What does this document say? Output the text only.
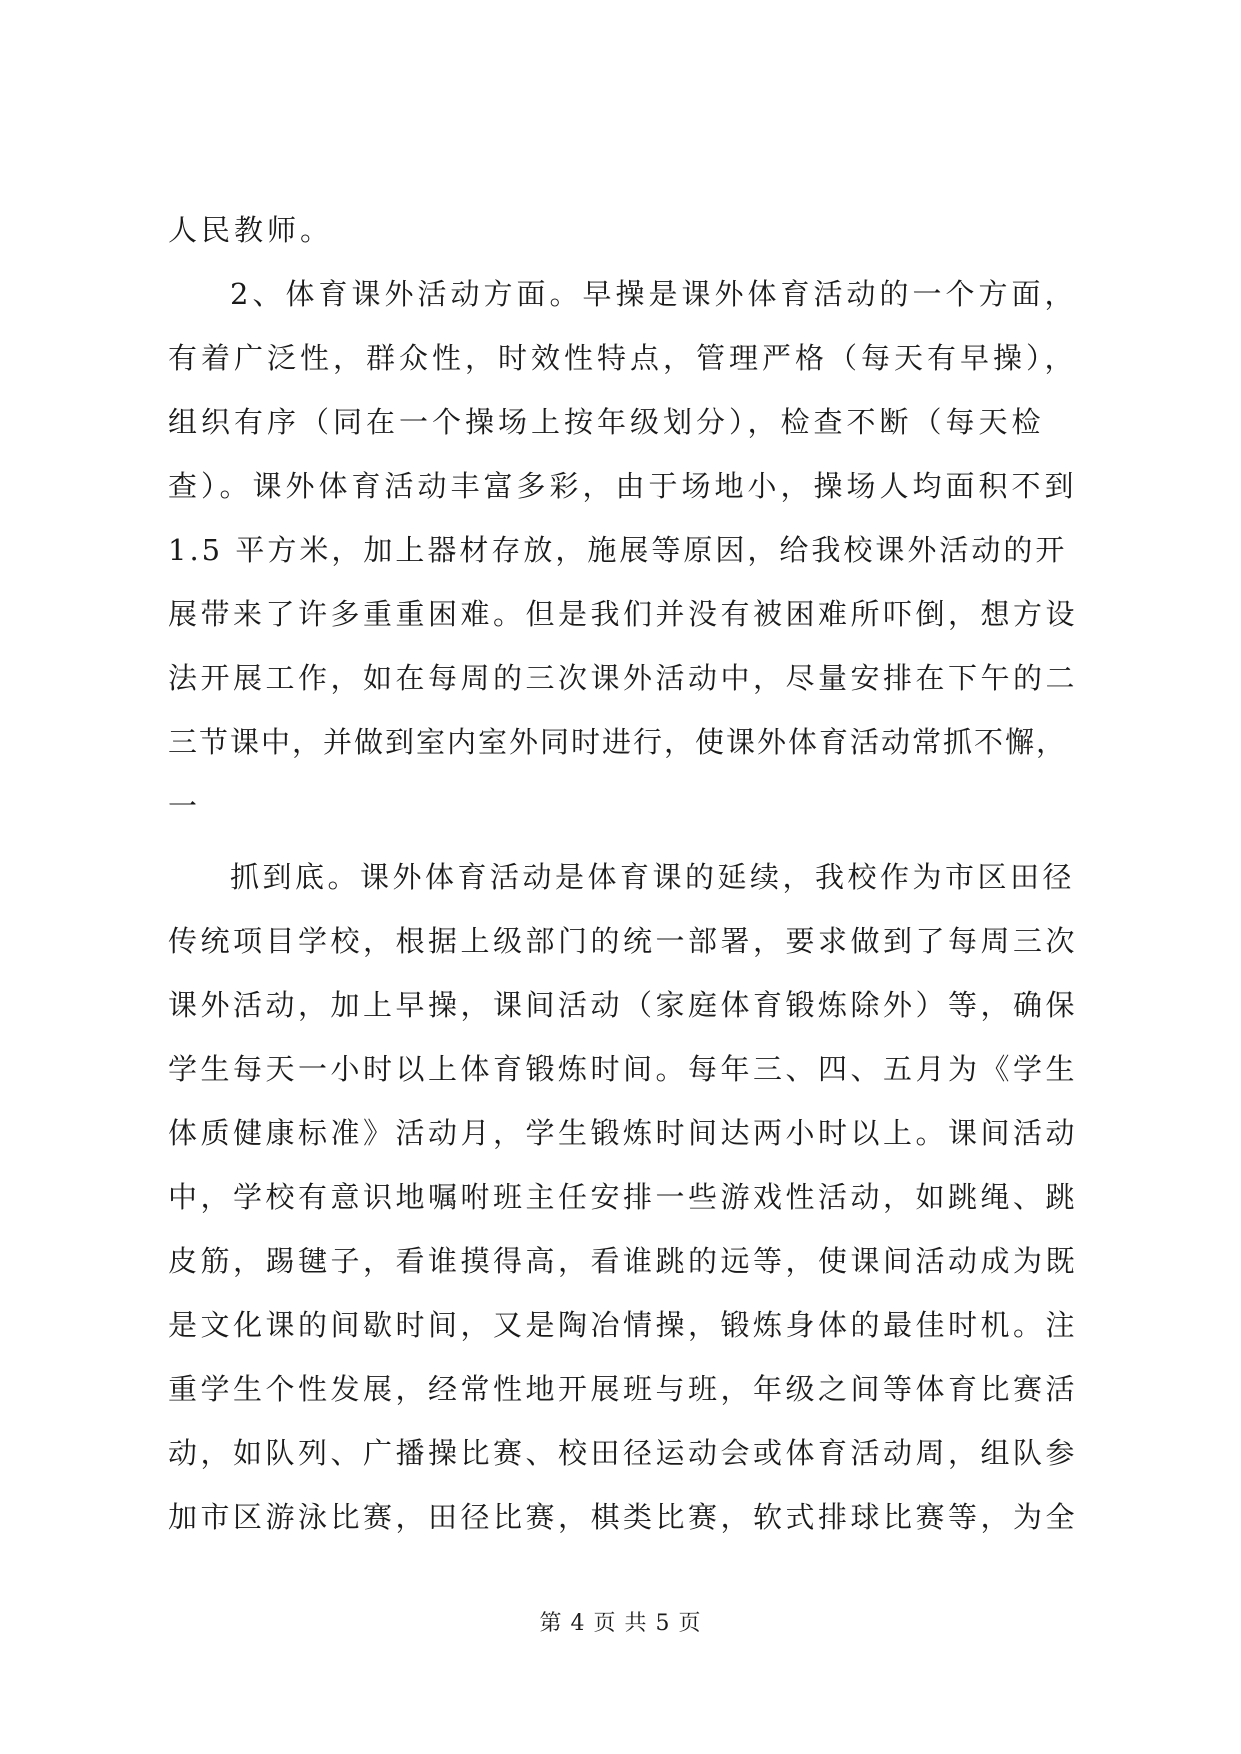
人民教师。
2、体育课外活动方面。早操是课外体育活动的一个方面，
有着广泛性，群众性，时效性特点，管理严格（每天有早操），
组织有序（同在一个操场上按年级划分），检查不断（每天检
查）。课外体育活动丰富多彩，由于场地小，操场人均面积不到
1.5 平方米，加上器材存放，施展等原因，给我校课外活动的开
展带来了许多重重困难。但是我们并没有被困难所吓倒，想方设
法开展工作，如在每周的三次课外活动中，尽量安排在下午的二
三节课中，并做到室内室外同时进行，使课外体育活动常抓不懈，
一
抓到底。课外体育活动是体育课的延续，我校作为市区田径
传统项目学校，根据上级部门的统一部署，要求做到了每周三次
课外活动，加上早操，课间活动（家庭体育锻炼除外）等，确保
学生每天一小时以上体育锻炼时间。每年三、四、五月为《学生
体质健康标准》活动月，学生锻炼时间达两小时以上。课间活动
中，学校有意识地嘱咐班主任安排一些游戏性活动，如跳绳、跳
皮筋，踢毽子，看谁摸得高，看谁跳的远等，使课间活动成为既
是文化课的间歇时间，又是陶冶情操，锻炼身体的最佳时机。注
重学生个性发展，经常性地开展班与班，年级之间等体育比赛活
动，如队列、广播操比赛、校田径运动会或体育活动周，组队参
加市区游泳比赛，田径比赛，棋类比赛，软式排球比赛等，为全
第 4 页 共 5 页
